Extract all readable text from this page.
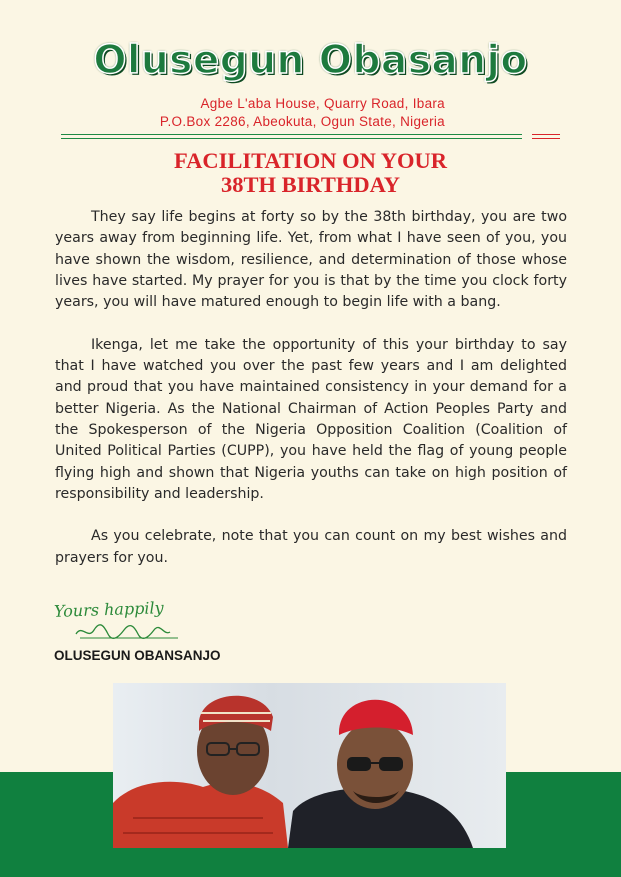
Olusegun Obasanjo
Agbe L'aba House, Quarry Road, Ibara
P.O.Box 2286, Abeokuta, Ogun State, Nigeria
FACILITATION ON YOUR
38TH BIRTHDAY

They say life begins at forty so by the 38th birthday, you are two years away from beginning life. Yet, from what I have seen of you, you have shown the wisdom, resilience, and determination of those whose lives have started. My prayer for you is that by the time you clock forty years, you will have matured enough to begin life with a bang.

Ikenga, let me take the opportunity of this your birthday to say that I have watched you over the past few years and I am delighted and proud that you have maintained consistency in your demand for a better Nigeria. As the National Chairman of Action Peoples Party and the Spokesperson of the Nigeria Opposition Coalition (Coalition of United Political Parties (CUPP), you have held the flag of young people flying high and shown that Nigeria youths can take on high position of responsibility and leadership.

As you celebrate, note that you can count on my best wishes and prayers for you.

Yours happily
OLUSEGUN OBANSANJO
